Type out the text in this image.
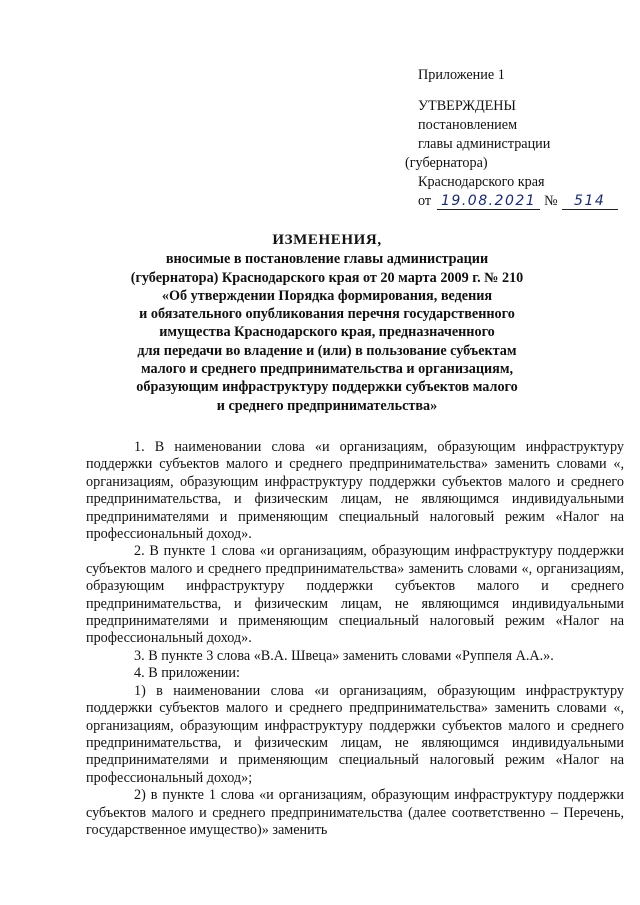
Приложение 1
УТВЕРЖДЕНЫ
постановлением
главы администрации
(губернатора)
Краснодарского края
от 19.08.2021 №	514
ИЗМЕНЕНИЯ,
вносимые в постановление главы администрации
(губернатора) Краснодарского края от 20 марта 2009 г. № 210
«Об утверждении Порядка формирования, ведения
и обязательного опубликования перечня государственного
имущества Краснодарского края, предназначенного
для передачи во владение и (или) в пользование субъектам
малого и среднего предпринимательства и организациям,
образующим инфраструктуру поддержки субъектов малого
и среднего предпринимательства»

1. В наименовании слова «и организациям, образующим инфраструктуру поддержки субъектов малого и среднего предпринимательства» заменить словами «, организациям, образующим инфраструктуру поддержки субъектов малого и среднего предпринимательства, и физическим лицам, не являющимся индивидуальными предпринимателями и применяющим специальный налоговый режим «Налог на профессиональный доход».

2. В пункте 1 слова «и организациям, образующим инфраструктуру поддержки субъектов малого и среднего предпринимательства» заменить словами «, организациям, образующим инфраструктуру поддержки субъектов малого и среднего предпринимательства, и физическим лицам, не являющимся индивидуальными предпринимателями и применяющим специальный налоговый режим «Налог на профессиональный доход».

3. В пункте 3 слова «В.А. Швеца» заменить словами «Руппеля А.А.».

4. В приложении:

1) в наименовании слова «и организациям, образующим инфраструктуру поддержки субъектов малого и среднего предпринимательства» заменить словами «, организациям, образующим инфраструктуру поддержки субъектов малого и среднего предпринимательства, и физическим лицам, не являющимся индивидуальными предпринимателями и применяющим специальный налоговый режим «Налог на профессиональный доход»;

2) в пункте 1 слова «и организациям, образующим инфраструктуру поддержки субъектов малого и среднего предпринимательства (далее соответственно – Перечень, государственное имущество)» заменить
